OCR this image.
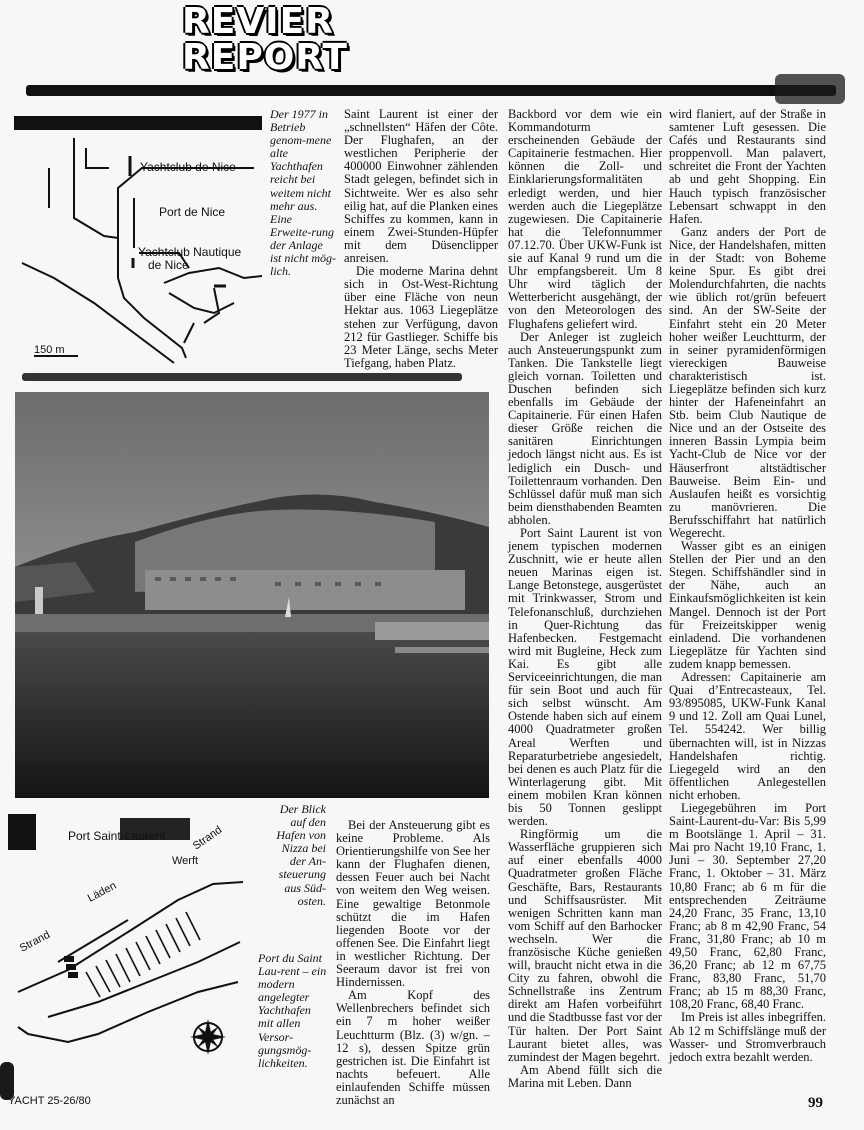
REVIER
REPORT
Yachtclub de Nice
Port de Nice
Yachtclub Nautique
de Nice
150 m
Der 1977 in Betrieb genom-mene alte Yachthafen reicht bei weitem nicht mehr aus. Eine Erweite-rung der Anlage ist nicht mög-lich.

Saint Laurent ist einer der „schnellsten“ Häfen der Côte. Der Flughafen, an der westlichen Peripherie der 400000 Einwohner zählenden Stadt gelegen, befindet sich in Sichtweite. Wer es also sehr eilig hat, auf die Planken eines Schiffes zu kommen, kann in einem Zwei-Stunden-Hüpfer mit dem Düsenclipper anreisen.

Die moderne Marina dehnt sich in Ost-West-Richtung über eine Fläche von neun Hektar aus. 1063 Liegeplätze stehen zur Verfügung, davon 212 für Gastlieger. Schiffe bis 23 Meter Länge, sechs Meter Tiefgang, haben Platz.

Bei der Ansteuerung gibt es keine Probleme. Als Orientierungshilfe von See her kann der Flughafen dienen, dessen Feuer auch bei Nacht von weitem den Weg weisen. Eine gewaltige Betonmole schützt die im Hafen liegenden Boote vor der offenen See. Die Einfahrt liegt in westlicher Richtung. Der Seeraum davor ist frei von Hindernissen.

Am Kopf des Wellenbrechers befindet sich ein 7 m hoher weißer Leuchtturm (Blz. (3) w/gn. – 12 s), dessen Spitze grün gestrichen ist. Die Einfahrt ist nachts befeuert. Alle einlaufenden Schiffe müssen zunächst an

Backbord vor dem wie ein Kommandoturm erscheinenden Gebäude der Capitainerie festmachen. Hier können die Zoll- und Einklarierungsformalitäten erledigt werden, und hier werden auch die Liegeplätze zugewiesen. Die Capitainerie hat die Telefonnummer 07.12.70. Über UKW-Funk ist sie auf Kanal 9 rund um die Uhr empfangsbereit. Um 8 Uhr wird täglich der Wetterbericht ausgehängt, der von den Meteorologen des Flughafens geliefert wird.

Der Anleger ist zugleich auch Ansteuerungspunkt zum Tanken. Die Tankstelle liegt gleich vornan. Toiletten und Duschen befinden sich ebenfalls im Gebäude der Capitainerie. Für einen Hafen dieser Größe reichen die sanitären Einrichtungen jedoch längst nicht aus. Es ist lediglich ein Dusch- und Toilettenraum vorhanden. Den Schlüssel dafür muß man sich beim diensthabenden Beamten abholen.

Port Saint Laurent ist von jenem typischen modernen Zuschnitt, wie er heute allen neuen Marinas eigen ist. Lange Betonstege, ausgerüstet mit Trinkwasser, Strom und Telefonanschluß, durchziehen in Quer-Richtung das Hafenbecken. Festgemacht wird mit Bugleine, Heck zum Kai. Es gibt alle Serviceeinrichtungen, die man für sein Boot und auch für sich selbst wünscht. Am Ostende haben sich auf einem 4000 Quadratmeter großen Areal Werften und Reparaturbetriebe angesiedelt, bei denen es auch Platz für die Winterlagerung gibt. Mit einem mobilen Kran können bis 50 Tonnen geslippt werden.

Ringförmig um die Wasserfläche gruppieren sich auf einer ebenfalls 4000 Quadratmeter großen Fläche Geschäfte, Bars, Restaurants und Schiffsausrüster. Mit wenigen Schritten kann man vom Schiff auf den Barhocker wechseln. Wer die französische Küche genießen will, braucht nicht etwa in die City zu fahren, obwohl die Schnellstraße ins Zentrum direkt am Hafen vorbeiführt und die Stadtbusse fast vor der Tür halten. Der Port Saint Laurant bietet alles, was zumindest der Magen begehrt.

Am Abend füllt sich die Marina mit Leben. Dann

wird flaniert, auf der Straße in samtener Luft gesessen. Die Cafés und Restaurants sind proppenvoll. Man palavert, schreitet die Front der Yachten ab und geht Shopping. Ein Hauch typisch französischer Lebensart schwappt in den Hafen.

Ganz anders der Port de Nice, der Handelshafen, mitten in der Stadt: von Boheme keine Spur. Es gibt drei Molendurchfahrten, die nachts wie üblich rot/grün befeuert sind. An der SW-Seite der Einfahrt steht ein 20 Meter hoher weißer Leuchtturm, der in seiner pyramidenförmigen viereckigen Bauweise charakteristisch ist. Liegeplätze befinden sich kurz hinter der Hafeneinfahrt an Stb. beim Club Nautique de Nice und an der Ostseite des inneren Bassin Lympia beim Yacht-Club de Nice vor der Häuserfront altstädtischer Bauweise. Beim Ein- und Auslaufen heißt es vorsichtig zu manövrieren. Die Berufsschiffahrt hat natürlich Wegerecht.

Wasser gibt es an einigen Stellen der Pier und an den Stegen. Schiffshändler sind in der Nähe, auch an Einkaufsmöglichkeiten ist kein Mangel. Dennoch ist der Port für Freizeitskipper wenig einladend. Die vorhandenen Liegeplätze für Yachten sind zudem knapp bemessen.

Adressen: Capitainerie am Quai d’Entrecasteaux, Tel. 93/895085, UKW-Funk Kanal 9 und 12. Zoll am Quai Lunel, Tel. 554242. Wer billig übernachten will, ist in Nizzas Handelshafen richtig. Liegegeld wird an den öffentlichen Anlegestellen nicht erhoben.

Liegegebühren im Port Saint-Laurent-du-Var: Bis 5,99 m Bootslänge 1. April – 31. Mai pro Nacht 19,10 Franc, 1. Juni – 30. September 27,20 Franc, 1. Oktober – 31. März 10,80 Franc; ab 6 m für die entsprechenden Zeiträume 24,20 Franc, 35 Franc, 13,10 Franc; ab 8 m 42,90 Franc, 54 Franc, 31,80 Franc; ab 10 m 49,50 Franc, 62,80 Franc, 36,20 Franc; ab 12 m 67,75 Franc, 83,80 Franc, 51,70 Franc; ab 15 m 88,30 Franc, 108,20 Franc, 68,40 Franc.

Im Preis ist alles inbegriffen. Ab 12 m Schiffslänge muß der Wasser- und Stromverbrauch jedoch extra bezahlt werden.

Der Blick auf den Hafen von Nizza bei der An-steuerung aus Süd-osten.
Port du Saint Lau-rent – ein modern angelegter Yachthafen mit allen Versor-gungsmög-lichkeiten.
Port Saint-Laurent
Strand
Werft
Läden
Strand
YACHT 25-26/80	99
